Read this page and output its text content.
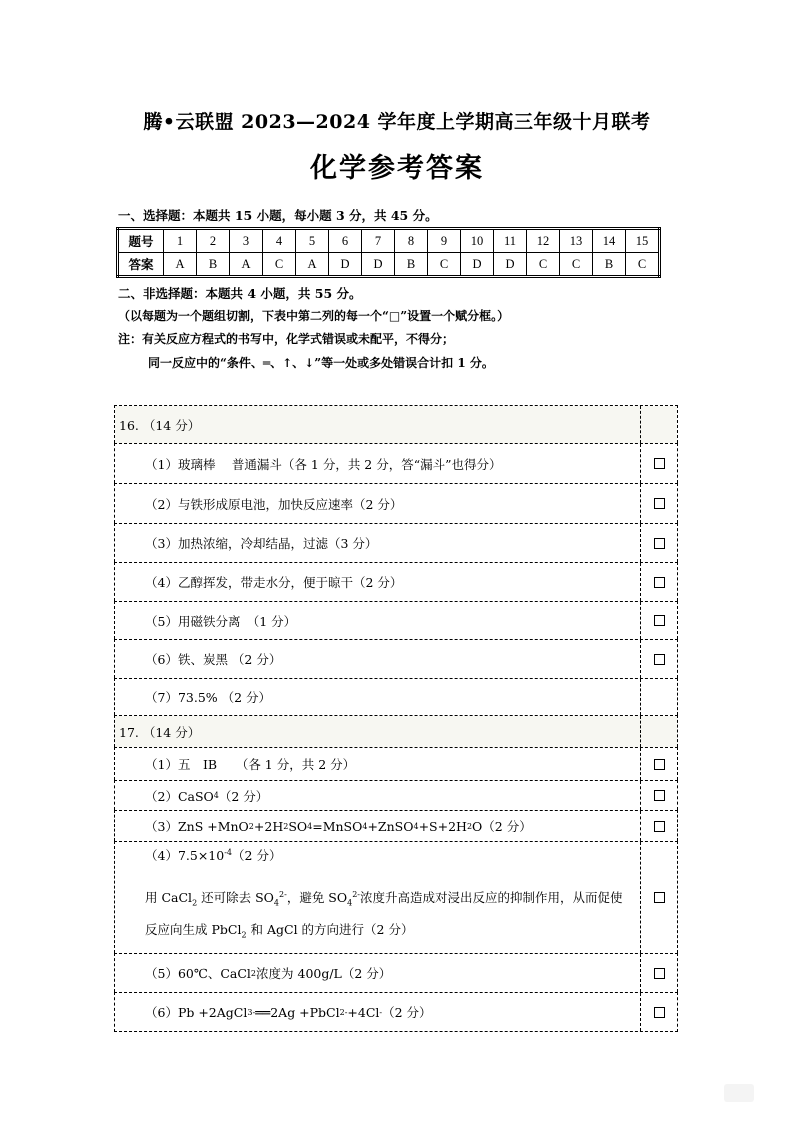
腾•云联盟 2023—2024 学年度上学期高三年级十月联考
化学参考答案
一、选择题：本题共 15 小题，每小题 3 分，共 45 分。
题号	1	2	3	4	5	6	7	8	9	10	11	12	13	14	15
答案	A	B	A	C	A	D	D	B	C	D	D	C	C	B	C
二、非选择题：本题共 4 小题，共 55 分。
（以每题为一个题组切割，下表中第二列的每一个“□”设置一个赋分框。）
注：有关反应方程式的书写中，化学式错误或未配平，不得分；
同一反应中的“条件、═、↑、↓”等一处或多处错误合计扣 1 分。
16. （14 分）
（1）玻璃棒　 普通漏斗（各 1 分，共 2 分，答“漏斗”也得分）
（2）与铁形成原电池，加快反应速率（2 分）
（3）加热浓缩，冷却结晶，过滤（3 分）
（4）乙醇挥发，带走水分，便于晾干（2 分）
（5）用磁铁分离　（1 分）
（6）铁、炭黑 （2 分）
（7）73.5% （2 分）
17. （14 分）
（1）五　IB　　（各 1 分，共 2 分）
（2）CaSO 4 （2 分）
（3）ZnS +MnO 2 +2H 2 SO 4 =MnSO 4 +ZnSO 4 +S+2H 2 O（2 分）
$(4)7.5\times 10^{-4}(2$ 分）
用 CaCl$_2$ 还可除去 $SO_4^{2-}$，避免 $SO_4^{2-}$浓度升高造成对浸出反应的抑制作用，从而促使反应向生成 PbCl$_2$ 和 AgCl 的方向进行（2 分）
（5）60℃、CaCl 2 浓度为 400g/L（2 分）
（6）Pb +2AgCl 3- ══2Ag +PbCl 2- +4Cl - （2 分）
